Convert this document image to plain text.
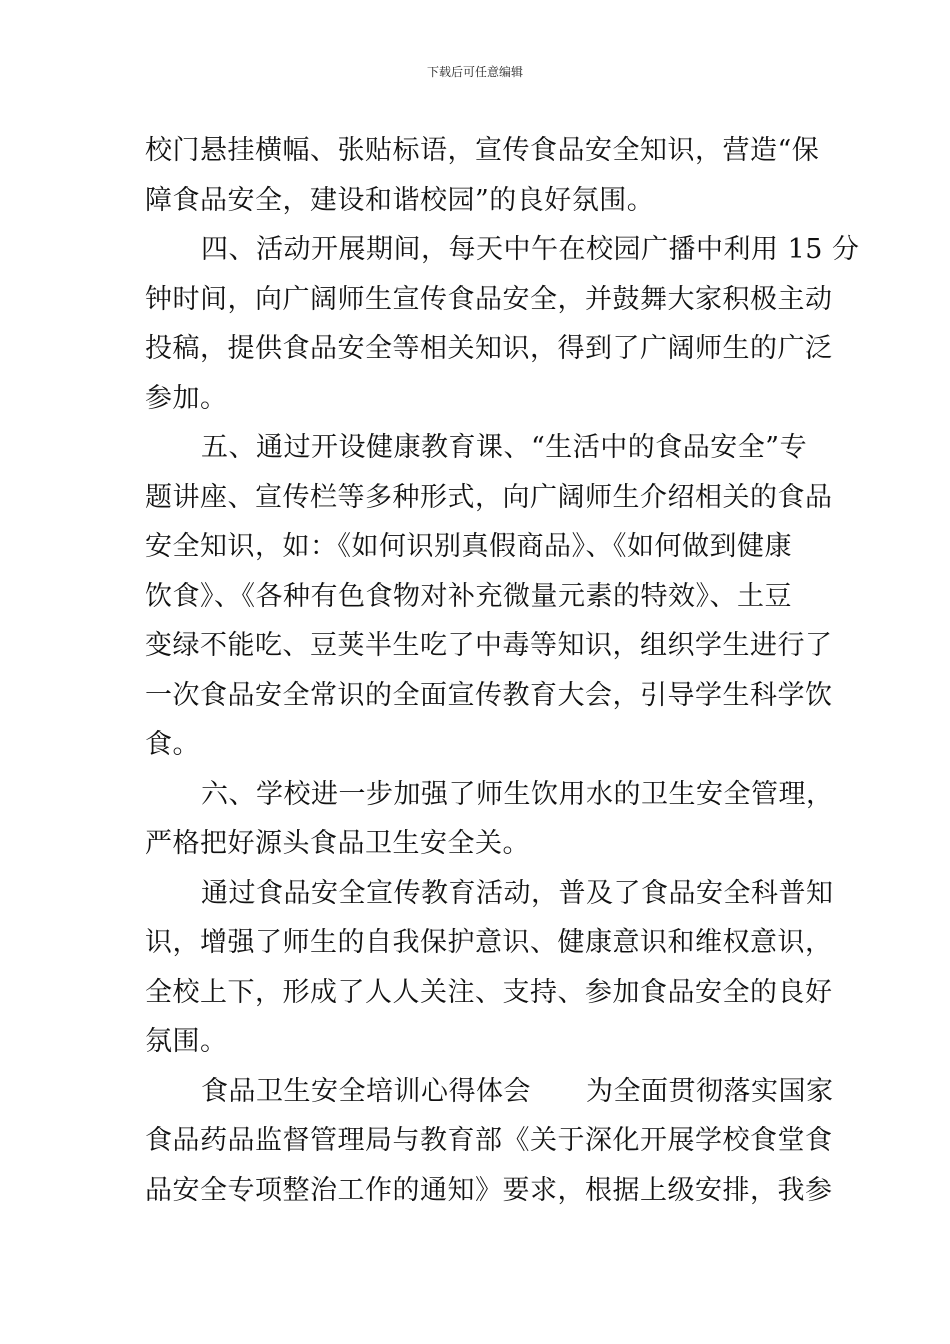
下载后可任意编辑
校门悬挂横幅、张贴标语，宣传食品安全知识，营造“保
障食品安全，建设和谐校园”的良好氛围。
四、活动开展期间，每天中午在校园广播中利用 15 分
钟时间，向广阔师生宣传食品安全，并鼓舞大家积极主动
投稿，提供食品安全等相关知识，得到了广阔师生的广泛
参加。
五、通过开设健康教育课、“生活中的食品安全”专
题讲座、宣传栏等多种形式，向广阔师生介绍相关的食品
安全知识，如：《如何识别真假商品》、《如何做到健康
饮食》、《各种有色食物对补充微量元素的特效》、土豆
变绿不能吃、豆荚半生吃了中毒等知识，组织学生进行了
一次食品安全常识的全面宣传教育大会，引导学生科学饮
食。
六、学校进一步加强了师生饮用水的卫生安全管理，
严格把好源头食品卫生安全关。
通过食品安全宣传教育活动，普及了食品安全科普知
识，增强了师生的自我保护意识、健康意识和维权意识，
全校上下，形成了人人关注、支持、参加食品安全的良好
氛围。
食品卫生安全培训心得体会　　为全面贯彻落实国家
食品药品监督管理局与教育部《关于深化开展学校食堂食
品安全专项整治工作的通知》要求，根据上级安排，我参
